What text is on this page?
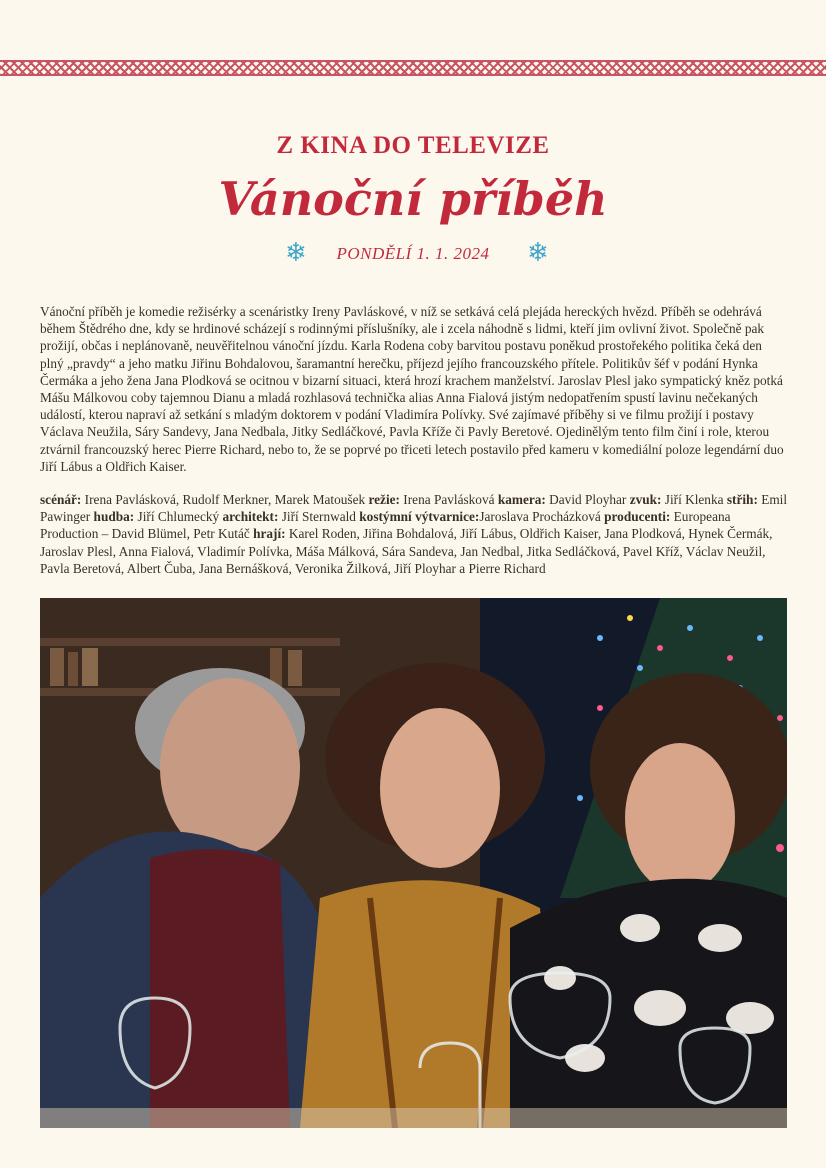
Z KINA DO TELEVIZE
Vánoční příběh
❄	PONDĚLÍ 1. 1. 2024	❄

Vánoční příběh je komedie režisérky a scenáristky Ireny Pavláskové, v níž se setkává celá plejáda hereckých hvězd. Příběh se odehrává během Štědrého dne, kdy se hrdinové scházejí s rodinnými příslušníky, ale i zcela náhodně s lidmi, kteří jim ovlivní život. Společně pak prožijí, občas i neplánovaně, neuvěřitelnou vánoční jízdu. Karla Rodena coby barvitou postavu poněkud prostořekého politika čeká den plný „pravdy“ a jeho matku Jiřinu Bohdalovou, šaramantní herečku, příjezd jejího francouzského přítele. Politikův šéf v podání Hynka Čermáka a jeho žena Jana Plodková se ocitnou v bizarní situaci, která hrozí krachem manželství. Jaroslav Plesl jako sympatický kněz potká Mášu Málkovou coby tajemnou Dianu a mladá rozhlasová technička alias Anna Fialová jistým nedopatřením spustí lavinu nečekaných událostí, kterou napraví až setkání s mladým doktorem v podání Vladimíra Polívky. Své zajímavé příběhy si ve filmu prožijí i postavy Václava Neužila, Sáry Sandevy, Jana Nedbala, Jitky Sedláčkové, Pavla Kříže či Pavly Beretové. Ojedinělým tento film činí i role, kterou ztvárnil francouzský herec Pierre Richard, nebo to, že se poprvé po třiceti letech postavilo před kameru v komediální poloze legendární duo Jiří Lábus a Oldřich Kaiser.

scénář: Irena Pavlásková, Rudolf Merkner, Marek Matoušek režie: Irena Pavlásková kamera: David Ployhar zvuk: Jiří Klenka střih: Emil Pawinger hudba: Jiří Chlumecký architekt: Jiří Sternwald kostýmní výtvarnice:Jaroslava Procházková producenti: Europeana Production – David Blümel, Petr Kutáč hrají: Karel Roden, Jiřina Bohdalová, Jiří Lábus, Oldřich Kaiser, Jana Plodková, Hynek Čermák, Jaroslav Plesl, Anna Fialová, Vladimír Polívka, Máša Málková, Sára Sandeva, Jan Nedbal, Jitka Sedláčková, Pavel Kříž, Václav Neužil, Pavla Beretová, Albert Čuba, Jana Bernášková, Veronika Žilková, Jiří Ployhar a Pierre Richard
